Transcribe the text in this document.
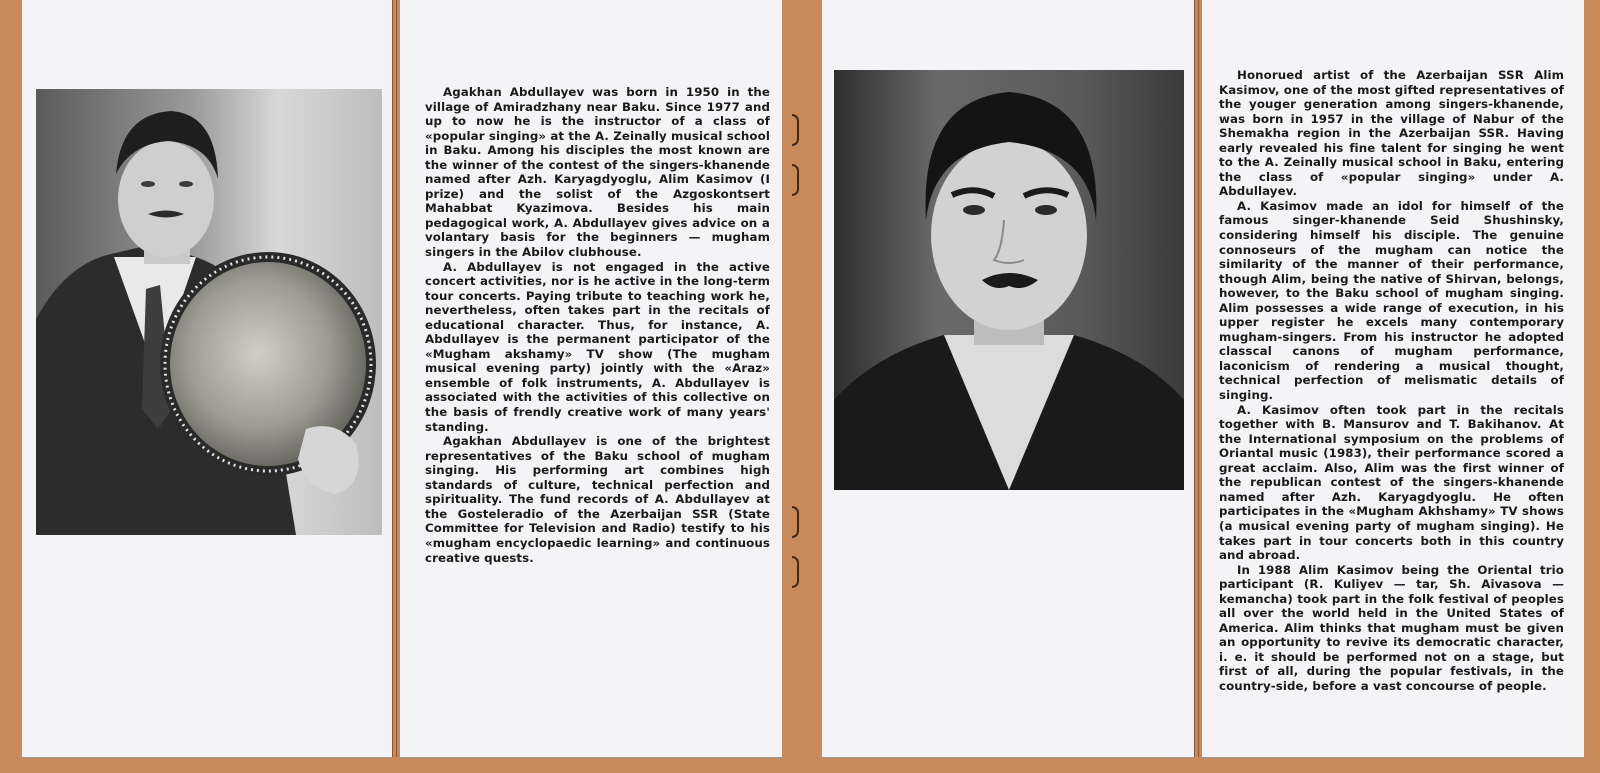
Agakhan Abdullayev was born in 1950 in the village of Amiradzhany near Baku. Since 1977 and up to now he is the instructor of a class of «popular singing» at the A. Zeinally musical school in Baku. Among his disciples the most known are the winner of the contest of the singers-khanende named after Azh. Karyagdyoglu, Alim Kasimov (I prize) and the solist of the Azgoskontsert Mahabbat Kyazimova. Besides his main pedagogical work, A. Abdullayev gives advice on a volantary basis for the beginners — mugham singers in the Abilov clubhouse.

A. Abdullayev is not engaged in the active concert activities, nor is he active in the long-term tour concerts. Paying tribute to teaching work he, nevertheless, often takes part in the recitals of educational character. Thus, for instance, A. Abdullayev is the permanent participator of the «Mugham akshamy» TV show (The mugham musical evening party) jointly with the «Araz» ensemble of folk instruments, A. Abdullayev is associated with the activities of this collective on the basis of frendly creative work of many years' standing.

Agakhan Abdullayev is one of the brightest representatives of the Baku school of mugham singing. His performing art combines high standards of culture, technical perfection and spirituality. The fund records of A. Abdullayev at the Gosteleradio of the Azerbaijan SSR (State Committee for Television and Radio) testify to his «mugham encyclopaedic learning» and continuous creative quests.

Honorued artist of the Azerbaijan SSR Alim Kasimov, one of the most gifted representatives of the youger generation among singers-khanende, was born in 1957 in the village of Nabur of the Shemakha region in the Azerbaijan SSR. Having early revealed his fine talent for singing he went to the A. Zeinally musical school in Baku, entering the class of «popular singing» under A. Abdullayev.

A. Kasimov made an idol for himself of the famous singer-khanende Seid Shushinsky, considering himself his disciple. The genuine connoseurs of the mugham can notice the similarity of the manner of their performance, though Alim, being the native of Shirvan, belongs, however, to the Baku school of mugham singing. Alim possesses a wide range of execution, in his upper register he excels many contemporary mugham-singers. From his instructor he adopted classcal canons of mugham performance, laconicism of rendering a musical thought, technical perfection of melismatic details of singing.

A. Kasimov often took part in the recitals together with B. Mansurov and T. Bakihanov. At the International symposium on the problems of Oriantal music (1983), their performance scored a great acclaim. Also, Alim was the first winner of the republican contest of the singers-khanende named after Azh. Karyagdyoglu. He often participates in the «Mugham Akhshamy» TV shows (a musical evening party of mugham singing). He takes part in tour concerts both in this country and abroad.

In 1988 Alim Kasimov being the Oriental trio participant (R. Kuliyev — tar, Sh. Aivasova — kemancha) took part in the folk festival of peoples all over the world held in the United States of America. Alim thinks that mugham must be given an opportunity to revive its democratic character, i. e. it should be performed not on a stage, but first of all, during the popular festivals, in the country-side, before a vast concourse of people.
